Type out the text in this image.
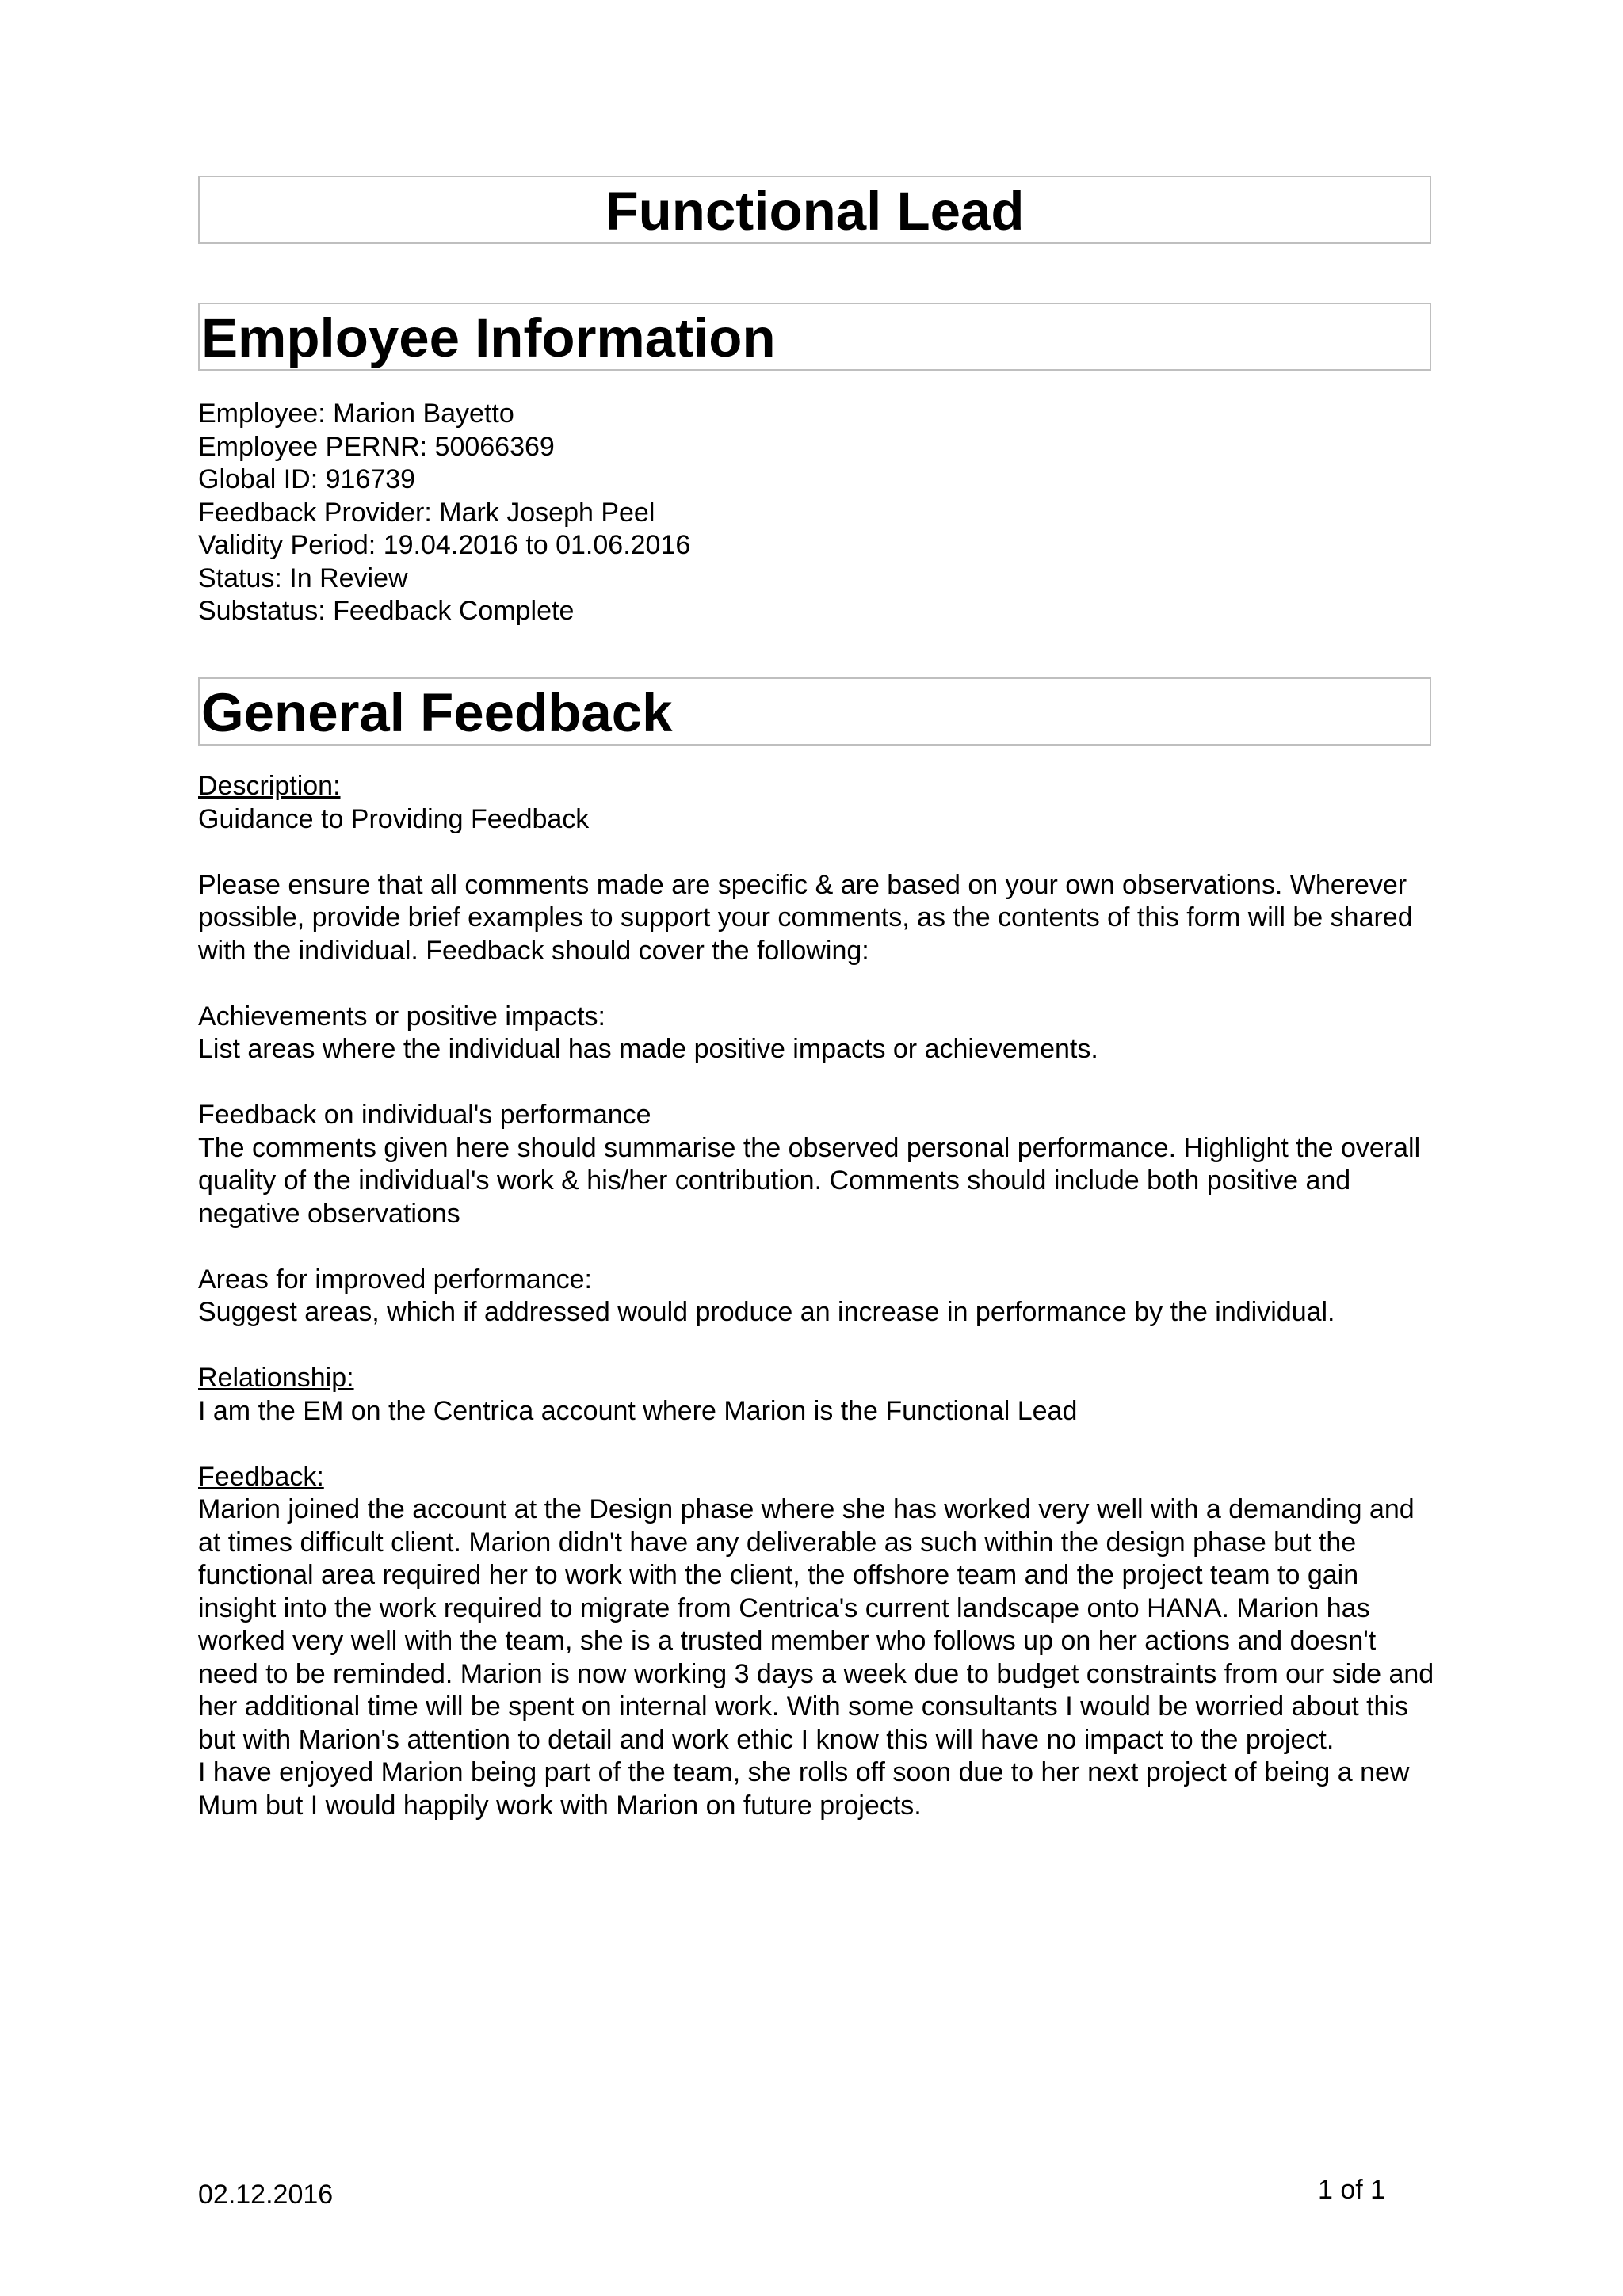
Functional Lead
Employee Information
Employee: Marion Bayetto
Employee PERNR: 50066369
Global ID: 916739
Feedback Provider: Mark Joseph Peel
Validity Period: 19.04.2016 to 01.06.2016
Status: In Review
Substatus: Feedback Complete
General Feedback
Description:
Guidance to Providing Feedback
Please ensure that all comments made are specific & are based on your own observations. Wherever possible, provide brief examples to support your comments, as the contents of this form will be shared with the individual. Feedback should cover the following:
Achievements or positive impacts:
List areas where the individual has made positive impacts or achievements.
Feedback on individual's performance
The comments given here should summarise the observed personal performance. Highlight the overall quality of the individual's work & his/her contribution. Comments should include both positive and negative observations
Areas for improved performance:
Suggest areas, which if addressed would produce an increase in performance by the individual.
Relationship:
I am the EM on the Centrica account where Marion is the Functional Lead
Feedback:
Marion joined the account at the Design phase where she has worked very well with a demanding and at times difficult client. Marion didn't have any deliverable as such within the design phase but the functional area required her to work with the client, the offshore team and the project team to gain insight into the work required to migrate from Centrica's current landscape onto HANA. Marion has worked very well with the team, she is a trusted member who follows up on her actions and doesn't need to be reminded. Marion is now working 3 days a week due to budget constraints from our side and her additional time will be spent on internal work. With some consultants I would be worried about this but with Marion's attention to detail and work ethic I know this will have no impact to the project.
I have enjoyed Marion being part of the team, she rolls off soon due to her next project of being a new Mum but I would happily work with Marion on future projects.
02.12.2016	1 of 1
